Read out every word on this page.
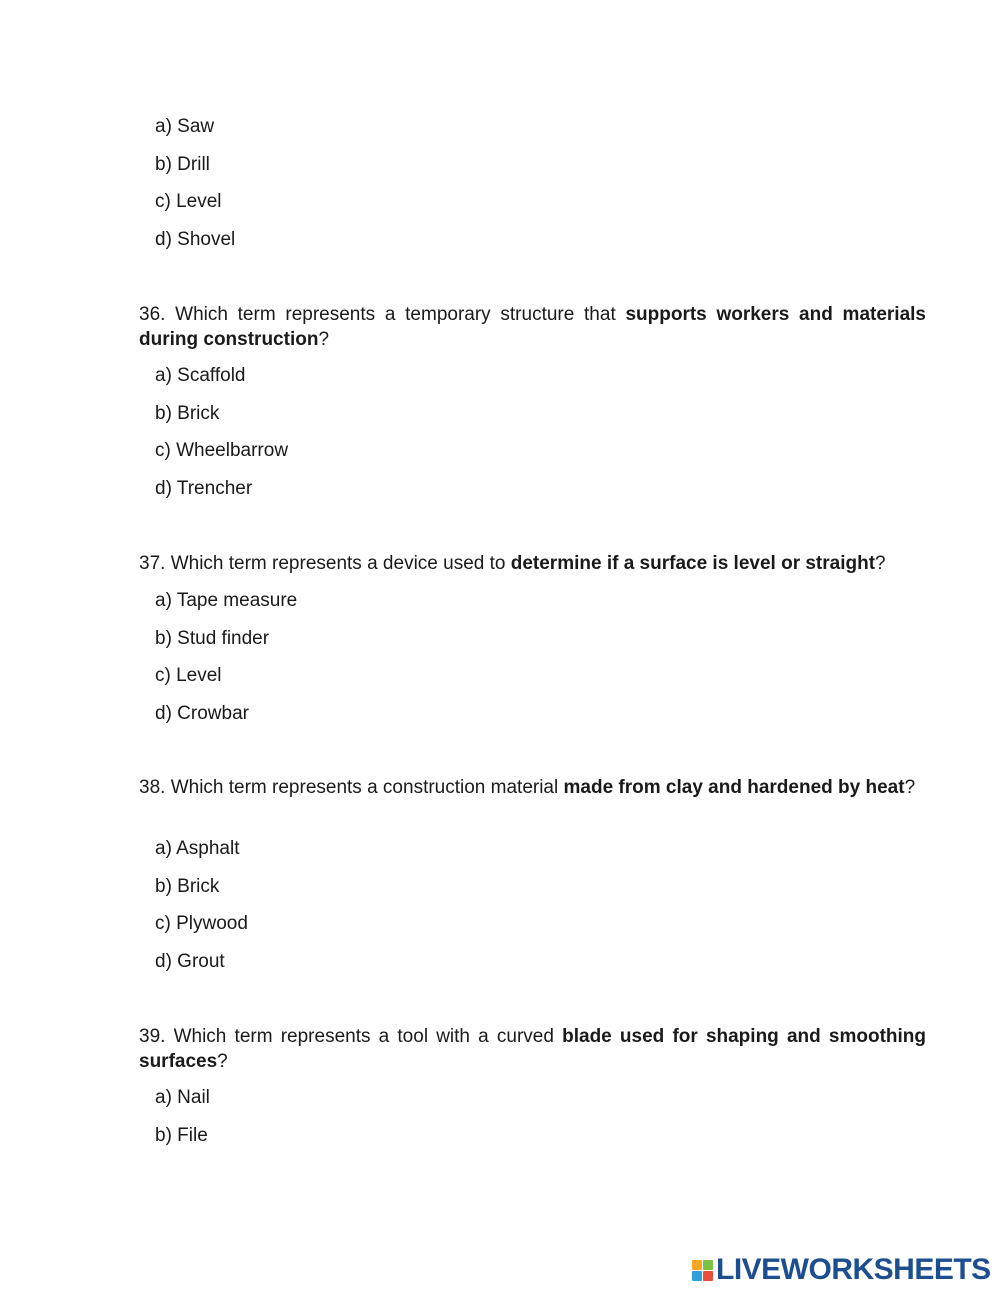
a) Saw
b) Drill
c) Level
d) Shovel
36. Which term represents a temporary structure that supports workers and materials during construction?
a) Scaffold
b) Brick
c) Wheelbarrow
d) Trencher
37. Which term represents a device used to determine if a surface is level or straight?
a) Tape measure
b) Stud finder
c) Level
d) Crowbar
38. Which term represents a construction material made from clay and hardened by heat?
a) Asphalt
b) Brick
c) Plywood
d) Grout
39. Which term represents a tool with a curved blade used for shaping and smoothing surfaces?
a) Nail
b) File
LIVEWORKSHEETS
